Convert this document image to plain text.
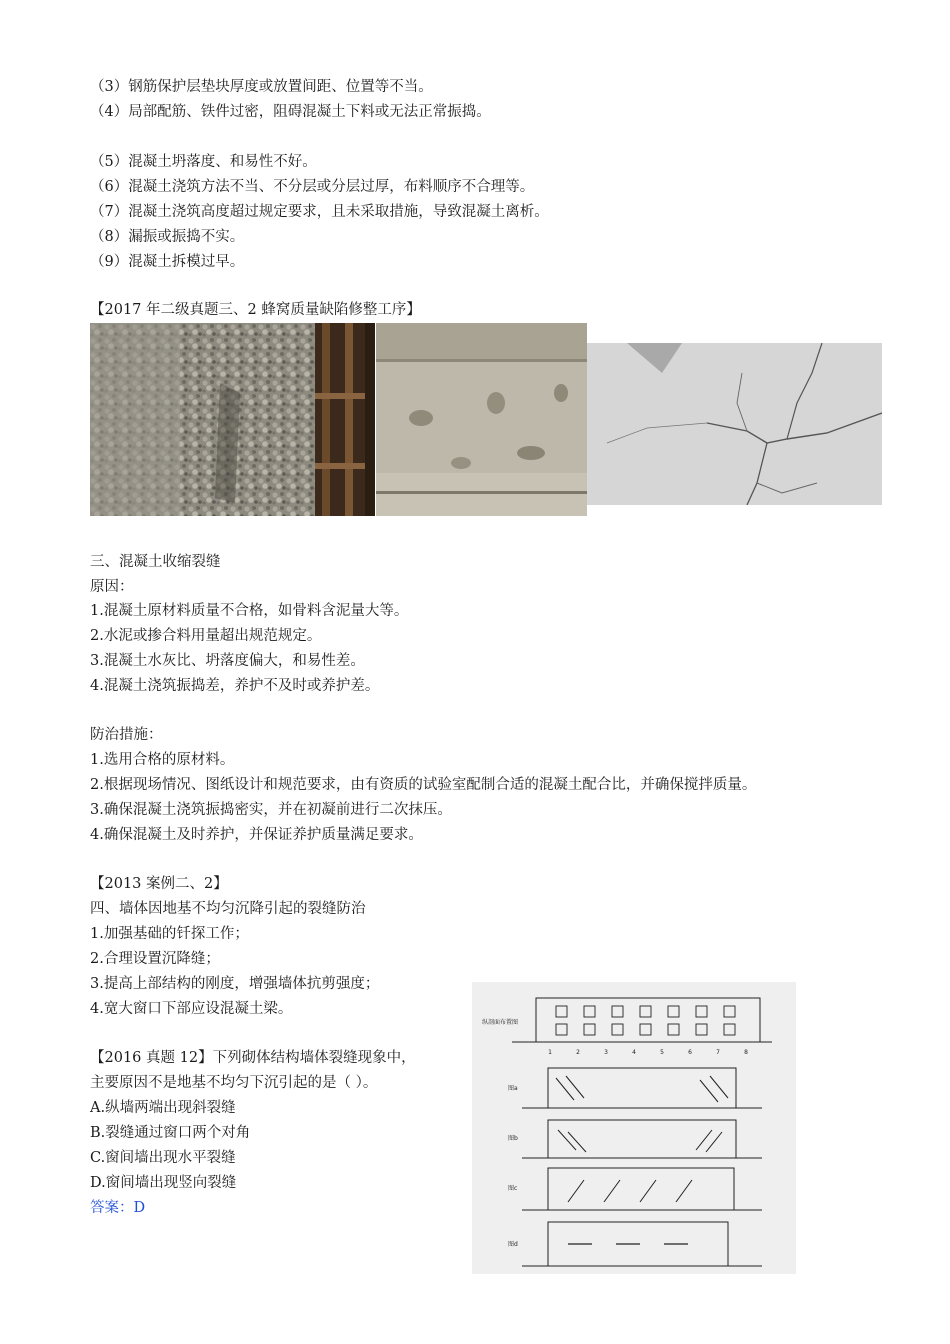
（3）钢筋保护层垫块厚度或放置间距、位置等不当。
（4）局部配筋、铁件过密，阻碍混凝土下料或无法正常振捣。
（5）混凝土坍落度、和易性不好。
（6）混凝土浇筑方法不当、不分层或分层过厚，布料顺序不合理等。
（7）混凝土浇筑高度超过规定要求，且未采取措施，导致混凝土离析。
（8）漏振或振捣不实。
（9）混凝土拆模过早。
【2017 年二级真题三、2 蜂窝质量缺陷修整工序】
三、混凝土收缩裂缝
原因：
1.混凝土原材料质量不合格，如骨料含泥量大等。
2.水泥或掺合料用量超出规范规定。
3.混凝土水灰比、坍落度偏大，和易性差。
4.混凝土浇筑振捣差，养护不及时或养护差。
防治措施：
1.选用合格的原材料。
2.根据现场情况、图纸设计和规范要求，由有资质的试验室配制合适的混凝土配合比，并确保搅拌质量。
3.确保混凝土浇筑振捣密实，并在初凝前进行二次抹压。
4.确保混凝土及时养护，并保证养护质量满足要求。
【2013 案例二、2】
四、墙体因地基不均匀沉降引起的裂缝防治
1.加强基础的钎探工作；
2.合理设置沉降缝；
3.提高上部结构的刚度，增强墙体抗剪强度；
4.宽大窗口下部应设混凝土梁。
【2016 真题 12】下列砌体结构墙体裂缝现象中，
主要原因不是地基不均匀下沉引起的是（ ）。
A.纵墙两端出现斜裂缝
B.裂缝通过窗口两个对角
C.窗间墙出现水平裂缝
D.窗间墙出现竖向裂缝
答案：D
纵剖面布置图
1	2	3	4	5	6	7	8
图a
图b
图c
图d
